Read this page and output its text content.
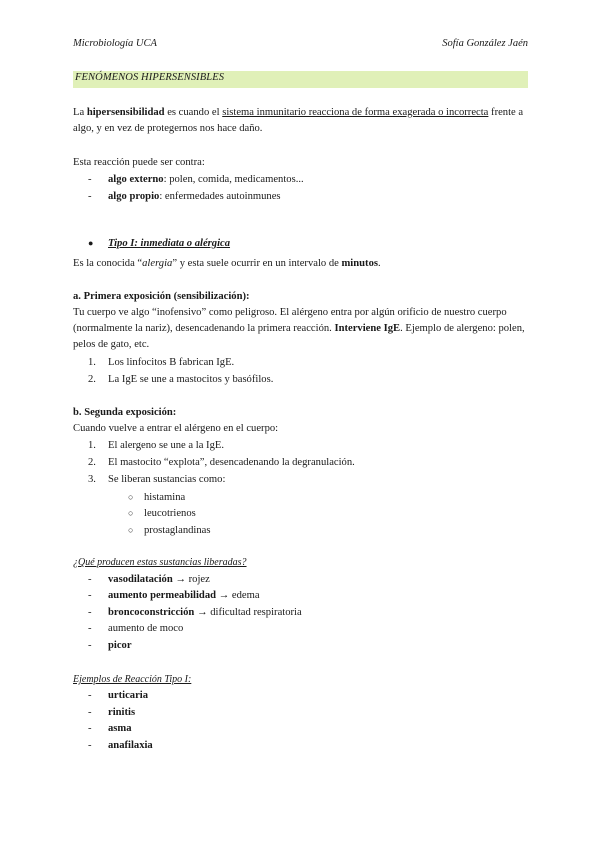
Microbiología UCA	Sofía González Jaén
FENÓMENOS HIPERSENSIBLES
La hipersensibilidad es cuando el sistema inmunitario reacciona de forma exagerada o incorrecta frente a
algo, y en vez de protegernos nos hace daño.
Esta reacción puede ser contra:
- algo externo: polen, comida, medicamentos...
- algo propio: enfermedades autoinmunes
● Tipo I: inmediata o alérgica
Es la conocida “alergia” y esta suele ocurrir en un intervalo de minutos.
a. Primera exposición (sensibilización):
Tu cuerpo ve algo “inofensivo” como peligroso. El alérgeno entra por algún orificio de nuestro cuerpo
(normalmente la nariz), desencadenando la primera reacción. Interviene IgE. Ejemplo de alergeno: polen,
pelos de gato, etc.
1. Los linfocitos B fabrican IgE.
2. La IgE se une a mastocitos y basófilos.
b. Segunda exposición:
Cuando vuelve a entrar el alérgeno en el cuerpo:
1. El alergeno se une a la IgE.
2. El mastocito “explota”, desencadenando la degranulación.
3. Se liberan sustancias como:
○ histamina
○ leucotrienos
○ prostaglandinas
¿Qué producen estas sustancias liberadas?
- vasodilatación → rojez
- aumento permeabilidad → edema
- broncoconstricción → dificultad respiratoria
- aumento de moco
- picor
Ejemplos de Reacción Tipo I:
- urticaria
- rinitis
- asma
- anafilaxia
